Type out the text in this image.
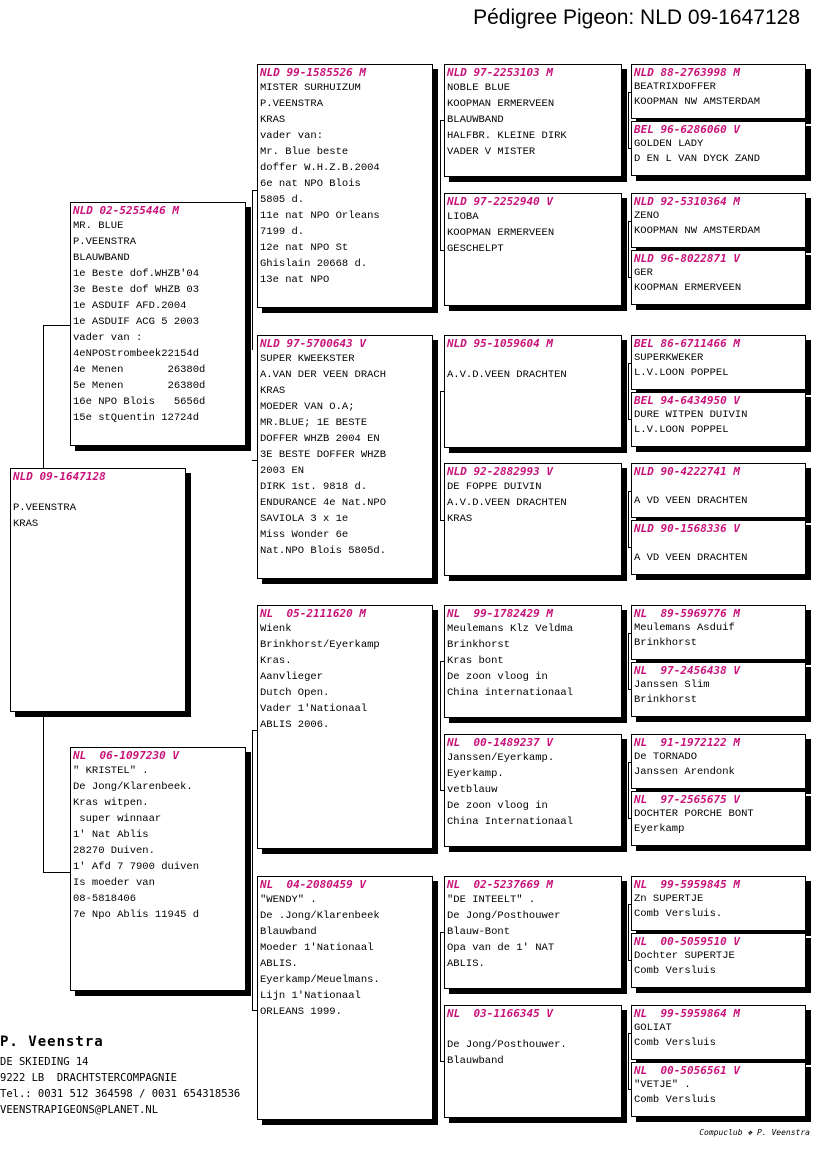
Pédigree Pigeon: NLD 09-1647128
NLD 09-1647128

P.VEENSTRA
KRAS
NLD 02-5255446 M
MR. BLUE
P.VEENSTRA
BLAUWBAND
1e Beste dof.WHZB'04
3e Beste dof WHZB 03
1e ASDUIF AFD.2004
1e ASDUIF ACG 5 2003
vader van :
4eNPOStrombeek22154d
4e Menen       26380d
5e Menen       26380d
16e NPO Blois   5656d
15e stQuentin 12724d
NL  06-1097230 V
" KRISTEL" .
De Jong/Klarenbeek.
Kras witpen.
super winnaar
1' Nat Ablis
28270 Duiven.
1' Afd 7 7900 duiven
Is moeder van
08-5818406
7e Npo Ablis 11945 d
NLD 99-1585526 M
MISTER SURHUIZUM
P.VEENSTRA
KRAS
vader van:
Mr. Blue beste
doffer W.H.Z.B.2004
6e nat NPO Blois
5805 d.
11e nat NPO Orleans
7199 d.
12e nat NPO St
Ghislain 20668 d.
13e nat NPO
NLD 97-5700643 V
SUPER KWEEKSTER
A.VAN DER VEEN DRACH
KRAS
MOEDER VAN O.A;
MR.BLUE; 1E BESTE
DOFFER WHZB 2004 EN
3E BESTE DOFFER WHZB
2003 EN
DIRK 1st. 9818 d.
ENDURANCE 4e Nat.NPO
SAVIOLA 3 x 1e
Miss Wonder 6e
Nat.NPO Blois 5805d.
NL  05-2111620 M
Wienk
Brinkhorst/Eyerkamp
Kras.
Aanvlieger
Dutch Open.
Vader 1'Nationaal
ABLIS 2006.
NL  04-2080459 V
"WENDY" .
De .Jong/Klarenbeek
Blauwband
Moeder 1'Nationaal
ABLIS.
Eyerkamp/Meuelmans.
Lijn 1'Nationaal
ORLEANS 1999.
NLD 97-2253103 M
NOBLE BLUE
KOOPMAN ERMERVEEN
BLAUWBAND
HALFBR. KLEINE DIRK
VADER V MISTER
NLD 97-2252940 V
LIOBA
KOOPMAN ERMERVEEN
GESCHELPT
NLD 95-1059604 M

A.V.D.VEEN DRACHTEN
NLD 92-2882993 V
DE FOPPE DUIVIN
A.V.D.VEEN DRACHTEN
KRAS
NL  99-1782429 M
Meulemans Klz Veldma
Brinkhorst
Kras bont
De zoon vloog in
China internationaal
NL  00-1489237 V
Janssen/Eyerkamp.
Eyerkamp.
vetblauw
De zoon vloog in
China Internationaal
NL  02-5237669 M
"DE INTEELT" .
De Jong/Posthouwer
Blauw-Bont
Opa van de 1' NAT
ABLIS.
NL  03-1166345 V

De Jong/Posthouwer.
Blauwband
NLD 88-2763998 M
BEATRIXDOFFER
KOOPMAN NW AMSTERDAM
BEL 96-6286060 V
GOLDEN LADY
D EN L VAN DYCK ZAND
NLD 92-5310364 M
ZENO
KOOPMAN NW AMSTERDAM
NLD 96-8022871 V
GER
KOOPMAN ERMERVEEN
BEL 86-6711466 M
SUPERKWEKER
L.V.LOON POPPEL
BEL 94-6434950 V
DURE WITPEN DUIVIN
L.V.LOON POPPEL
NLD 90-4222741 M

A VD VEEN DRACHTEN
NLD 90-1568336 V

A VD VEEN DRACHTEN
NL  89-5969776 M
Meulemans Asduif
Brinkhorst
NL  97-2456438 V
Janssen Slim
Brinkhorst
NL  91-1972122 M
De TORNADO
Janssen Arendonk
NL  97-2565675 V
DOCHTER PORCHE BONT
Eyerkamp
NL  99-5959845 M
Zn SUPERTJE
Comb Versluis.
NL  00-5059510 V
Dochter SUPERTJE
Comb Versluis
NL  99-5959864 M
GOLIAT
Comb Versluis
NL  00-5056561 V
"VETJE" .
Comb Versluis
P. Veenstra
DE SKIEDING 14
9222 LB  DRACHTSTERCOMPAGNIE
Tel.: 0031 512 364598 / 0031 654318536
VEENSTRAPIGEONS@PLANET.NL
Compuclub ❖ P. Veenstra
